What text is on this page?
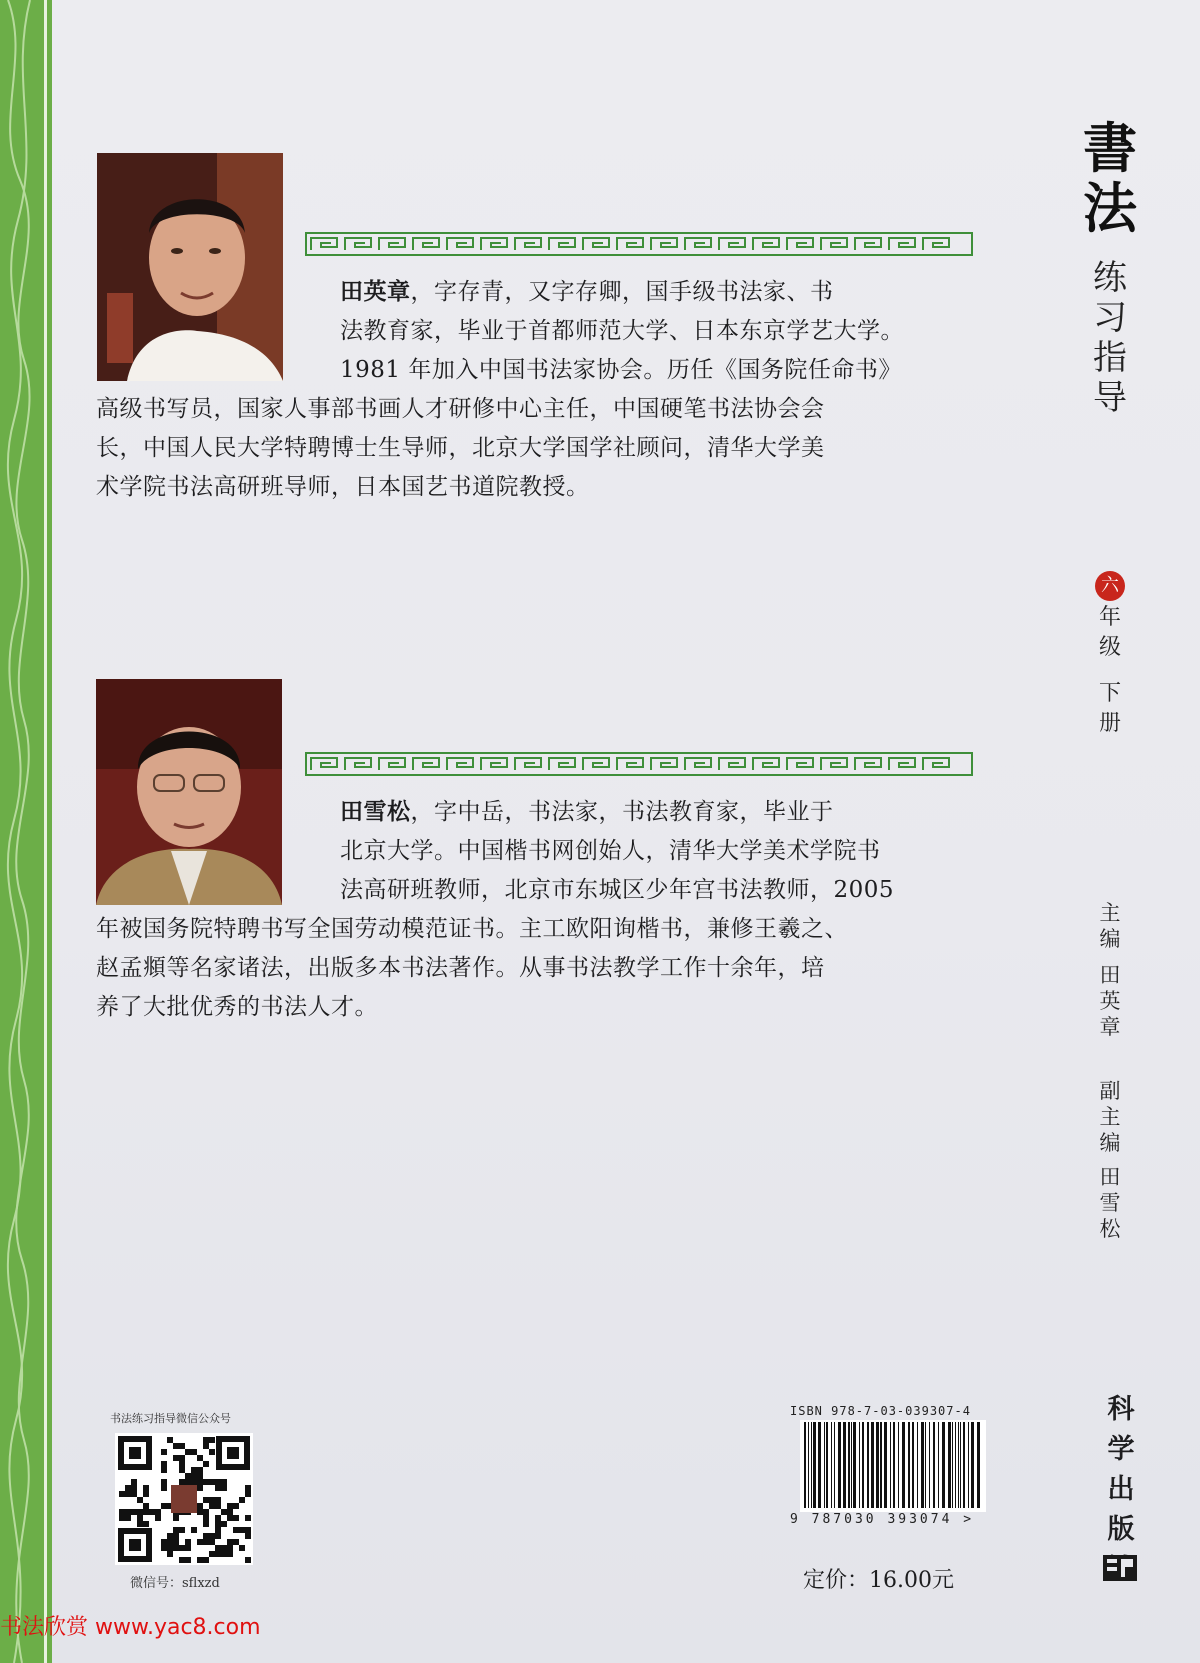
田英章，字存青，又字存卿，国手级书法家、书
法教育家，毕业于首都师范大学、日本东京学艺大学。
1981 年加入中国书法家协会。历任《国务院任命书》
高级书写员，国家人事部书画人才研修中心主任，中国硬笔书法协会会
长，中国人民大学特聘博士生导师，北京大学国学社顾问，清华大学美
术学院书法高研班导师，日本国艺书道院教授。
田雪松，字中岳，书法家，书法教育家，毕业于
北京大学。中国楷书网创始人，清华大学美术学院书
法高研班教师，北京市东城区少年宫书法教师，2005
年被国务院特聘书写全国劳动模范证书。主工欧阳询楷书，兼修王羲之、
赵孟頫等名家诸法，出版多本书法著作。从事书法教学工作十余年，培
养了大批优秀的书法人才。
書
法
练
习
指
导
六
年
级
下
册
主
编
田
英
章
副
主
编
田
雪
松
书法练习指导微信公众号
微信号：sflxzd
ISBN 978-7-03-039307-4
9 787030 393074 >
定价：16.00元
科
学
出
版
书法欣赏 www.yac8.com
